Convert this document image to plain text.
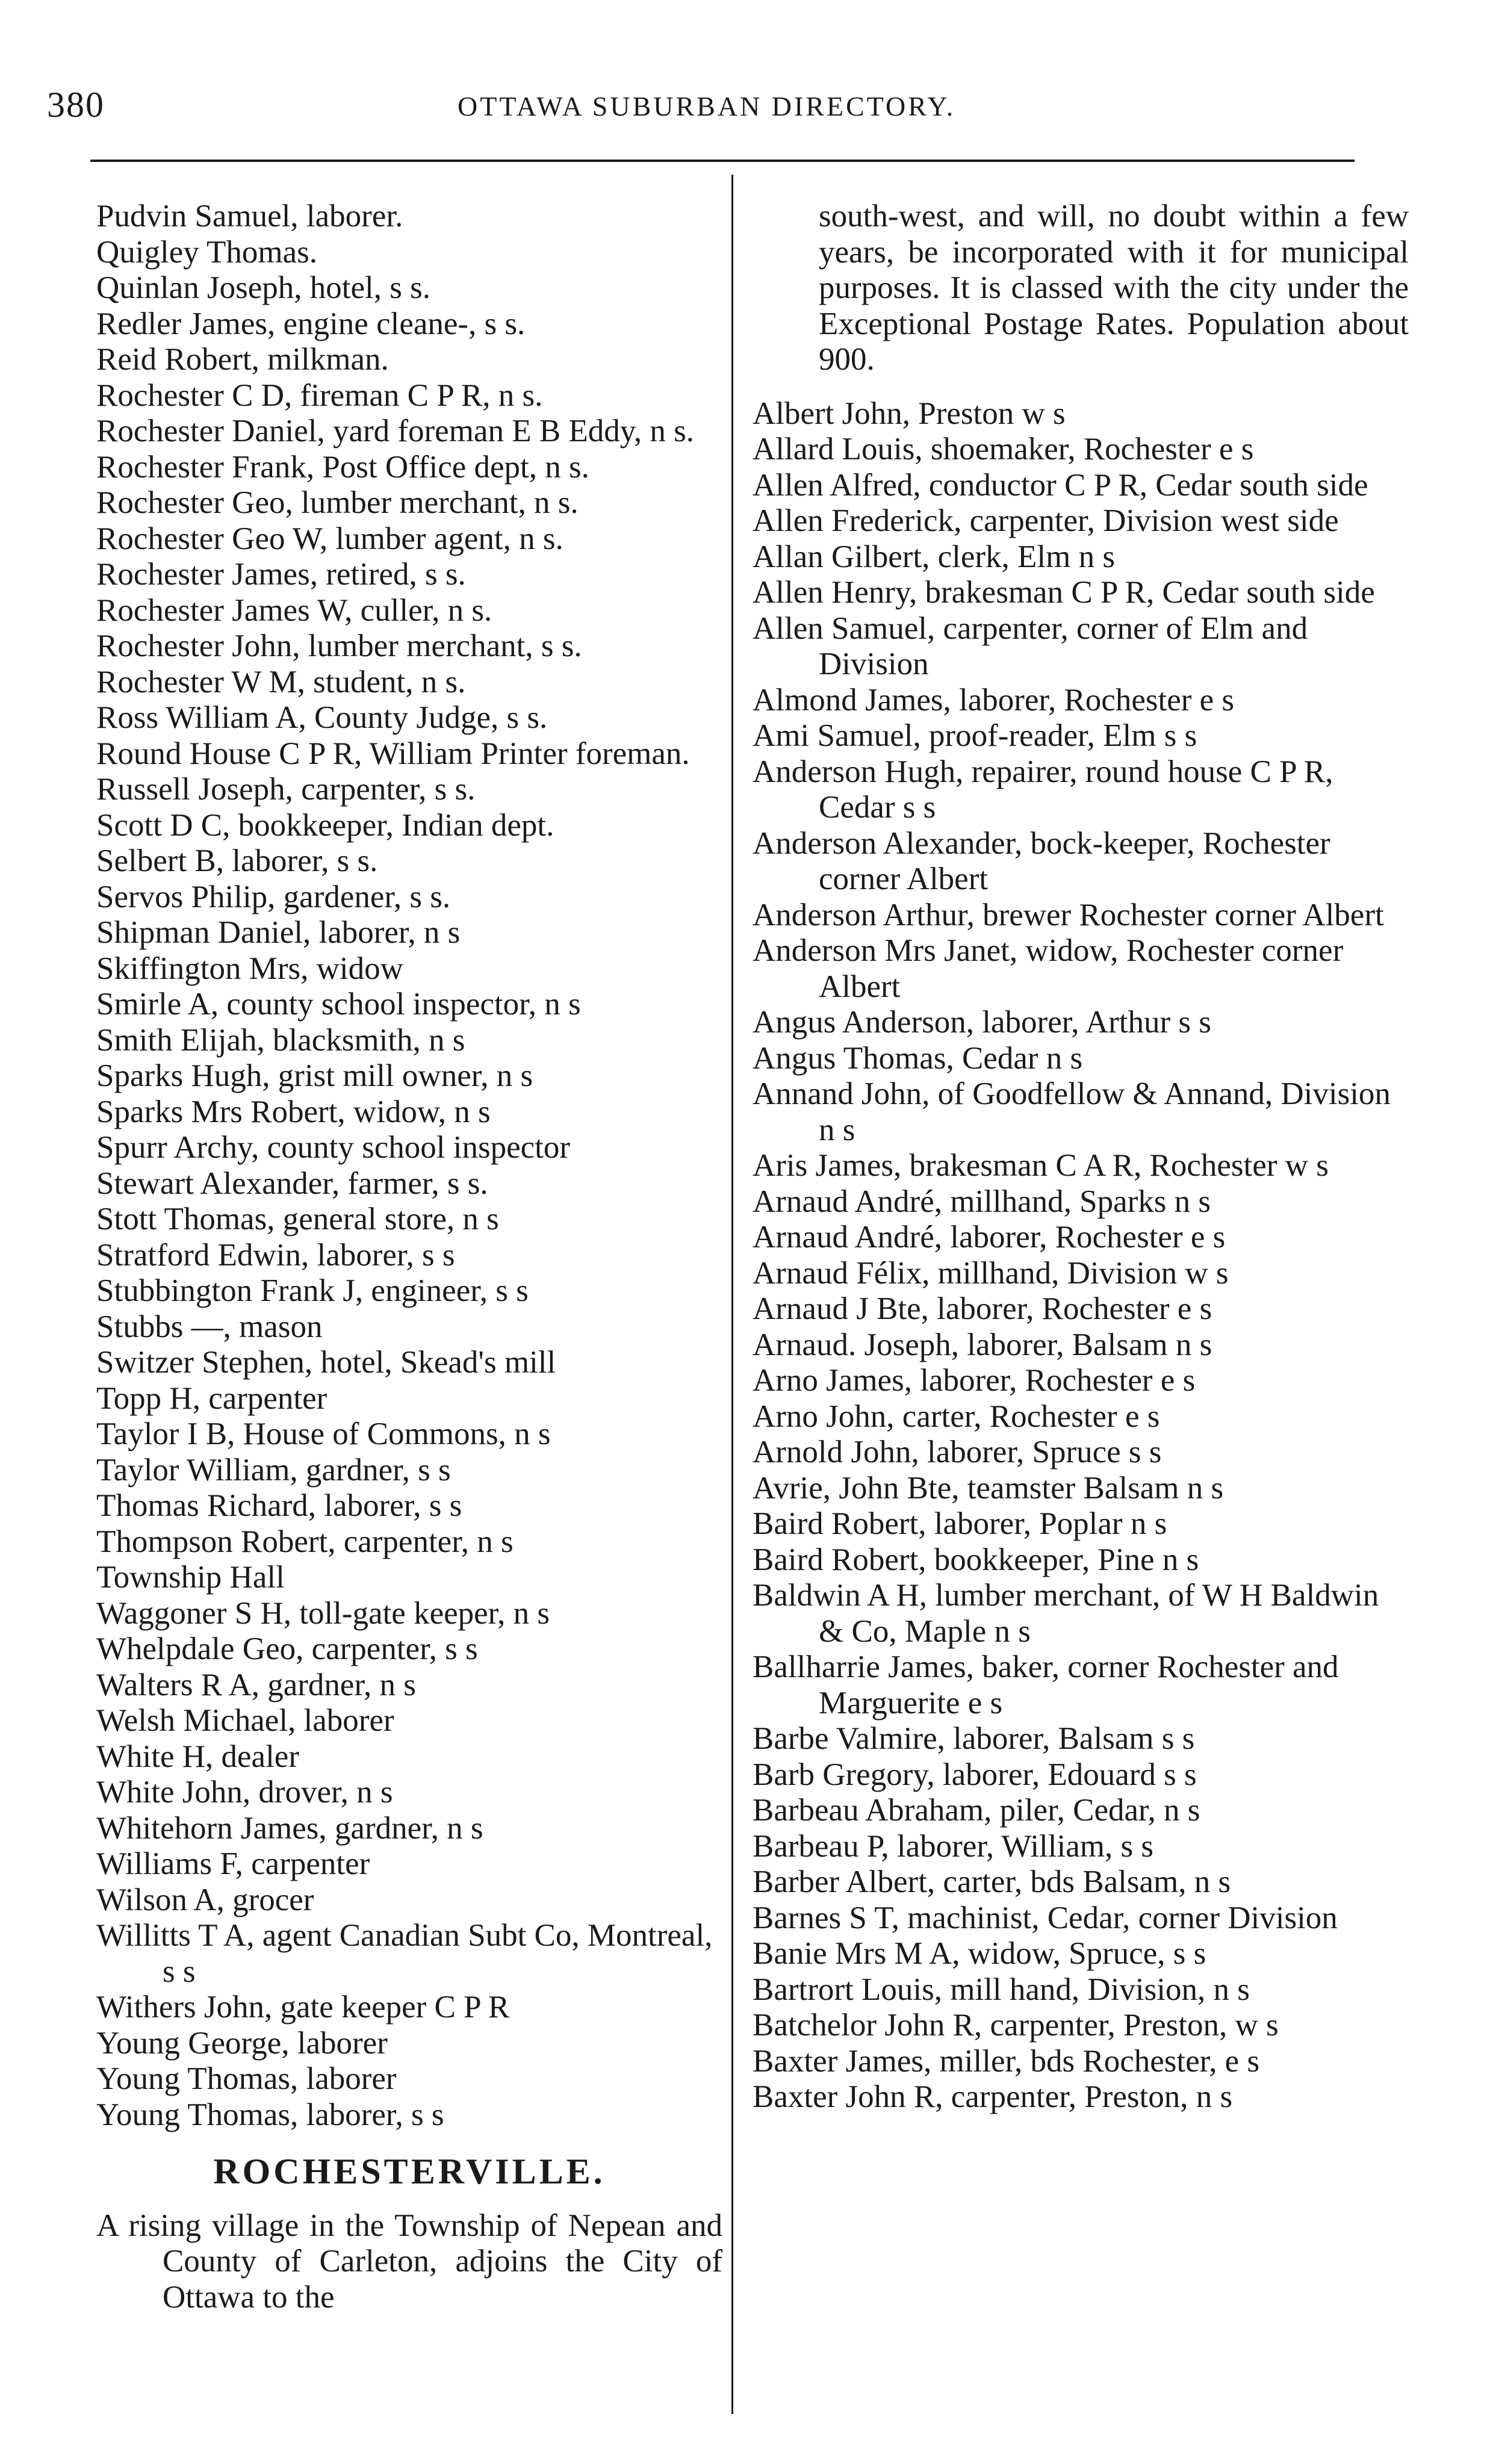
380	OTTAWA SUBURBAN DIRECTORY.
Pudvin Samuel, laborer.
Quigley Thomas.
Quinlan Joseph, hotel, s s.
Redler James, engine cleane-, s s.
Reid Robert, milkman.
Rochester C D, fireman C P R, n s.
Rochester Daniel, yard foreman E B Eddy, n s.
Rochester Frank, Post Office dept, n s.
Rochester Geo, lumber merchant, n s.
Rochester Geo W, lumber agent, n s.
Rochester James, retired, s s.
Rochester James W, culler, n s.
Rochester John, lumber merchant, s s.
Rochester W M, student, n s.
Ross William A, County Judge, s s.
Round House C P R, William Printer foreman.
Russell Joseph, carpenter, s s.
Scott D C, bookkeeper, Indian dept.
Selbert B, laborer, s s.
Servos Philip, gardener, s s.
Shipman Daniel, laborer, n s
Skiffington Mrs, widow
Smirle A, county school inspector, n s
Smith Elijah, blacksmith, n s
Sparks Hugh, grist mill owner, n s
Sparks Mrs Robert, widow, n s
Spurr Archy, county school inspector
Stewart Alexander, farmer, s s.
Stott Thomas, general store, n s
Stratford Edwin, laborer, s s
Stubbington Frank J, engineer, s s
Stubbs —, mason
Switzer Stephen, hotel, Skead's mill
Topp H, carpenter
Taylor I B, House of Commons, n s
Taylor William, gardner, s s
Thomas Richard, laborer, s s
Thompson Robert, carpenter, n s
Township Hall
Waggoner S H, toll-gate keeper, n s
Whelpdale Geo, carpenter, s s
Walters R A, gardner, n s
Welsh Michael, laborer
White H, dealer
White John, drover, n s
Whitehorn James, gardner, n s
Williams F, carpenter
Wilson A, grocer
Willitts T A, agent Canadian Subt Co, Montreal, s s
Withers John, gate keeper C P R
Young George, laborer
Young Thomas, laborer
Young Thomas, laborer, s s
ROCHESTERVILLE.
A rising village in the Township of Nepean and County of Carleton, adjoins the City of Ottawa to the
south-west, and will, no doubt within a few years, be incorporated with it for municipal purposes. It is classed with the city under the Exceptional Postage Rates. Population about 900.
Albert John, Preston w s
Allard Louis, shoemaker, Rochester e s
Allen Alfred, conductor C P R, Cedar south side
Allen Frederick, carpenter, Division west side
Allan Gilbert, clerk, Elm n s
Allen Henry, brakesman C P R, Cedar south side
Allen Samuel, carpenter, corner of Elm and Division
Almond James, laborer, Rochester e s
Ami Samuel, proof-reader, Elm s s
Anderson Hugh, repairer, round house C P R, Cedar s s
Anderson Alexander, bock-keeper, Rochester corner Albert
Anderson Arthur, brewer Rochester corner Albert
Anderson Mrs Janet, widow, Rochester corner Albert
Angus Anderson, laborer, Arthur s s
Angus Thomas, Cedar n s
Annand John, of Goodfellow & Annand, Division n s
Aris James, brakesman C A R, Rochester w s
Arnaud André, millhand, Sparks n s
Arnaud André, laborer, Rochester e s
Arnaud Félix, millhand, Division w s
Arnaud J Bte, laborer, Rochester e s
Arnaud. Joseph, laborer, Balsam n s
Arno James, laborer, Rochester e s
Arno John, carter, Rochester e s
Arnold John, laborer, Spruce s s
Avrie, John Bte, teamster Balsam n s
Baird Robert, laborer, Poplar n s
Baird Robert, bookkeeper, Pine n s
Baldwin A H, lumber merchant, of W H Baldwin & Co, Maple n s
Ballharrie James, baker, corner Rochester and Marguerite e s
Barbe Valmire, laborer, Balsam s s
Barb Gregory, laborer, Edouard s s
Barbeau Abraham, piler, Cedar, n s
Barbeau P, laborer, William, s s
Barber Albert, carter, bds Balsam, n s
Barnes S T, machinist, Cedar, corner Division
Banie Mrs M A, widow, Spruce, s s
Bartrort Louis, mill hand, Division, n s
Batchelor John R, carpenter, Preston, w s
Baxter James, miller, bds Rochester, e s
Baxter John R, carpenter, Preston, n s
